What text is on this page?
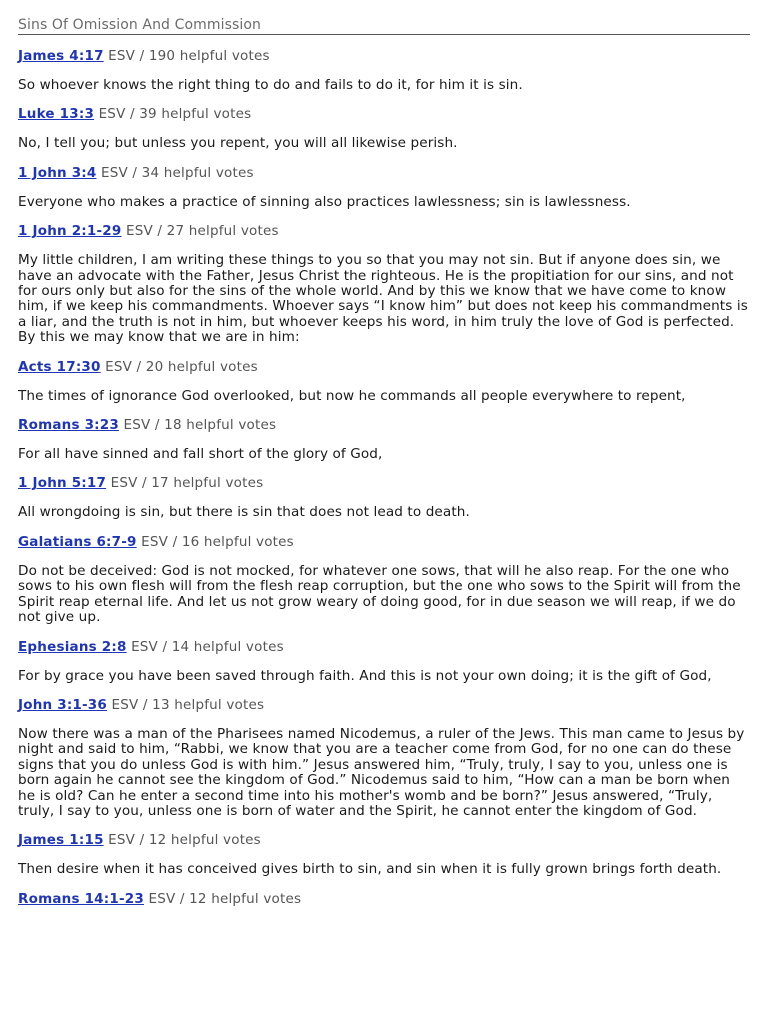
Sins Of Omission And Commission
James 4:17 ESV / 190 helpful votes
So whoever knows the right thing to do and fails to do it, for him it is sin.
Luke 13:3 ESV / 39 helpful votes
No, I tell you; but unless you repent, you will all likewise perish.
1 John 3:4 ESV / 34 helpful votes
Everyone who makes a practice of sinning also practices lawlessness; sin is lawlessness.
1 John 2:1-29 ESV / 27 helpful votes
My little children, I am writing these things to you so that you may not sin. But if anyone does sin, we have an advocate with the Father, Jesus Christ the righteous. He is the propitiation for our sins, and not for ours only but also for the sins of the whole world. And by this we know that we have come to know him, if we keep his commandments. Whoever says “I know him” but does not keep his commandments is a liar, and the truth is not in him, but whoever keeps his word, in him truly the love of God is perfected. By this we may know that we are in him:
Acts 17:30 ESV / 20 helpful votes
The times of ignorance God overlooked, but now he commands all people everywhere to repent,
Romans 3:23 ESV / 18 helpful votes
For all have sinned and fall short of the glory of God,
1 John 5:17 ESV / 17 helpful votes
All wrongdoing is sin, but there is sin that does not lead to death.
Galatians 6:7-9 ESV / 16 helpful votes
Do not be deceived: God is not mocked, for whatever one sows, that will he also reap. For the one who sows to his own flesh will from the flesh reap corruption, but the one who sows to the Spirit will from the Spirit reap eternal life. And let us not grow weary of doing good, for in due season we will reap, if we do not give up.
Ephesians 2:8 ESV / 14 helpful votes
For by grace you have been saved through faith. And this is not your own doing; it is the gift of God,
John 3:1-36 ESV / 13 helpful votes
Now there was a man of the Pharisees named Nicodemus, a ruler of the Jews. This man came to Jesus by night and said to him, “Rabbi, we know that you are a teacher come from God, for no one can do these signs that you do unless God is with him.” Jesus answered him, “Truly, truly, I say to you, unless one is born again he cannot see the kingdom of God.” Nicodemus said to him, “How can a man be born when he is old? Can he enter a second time into his mother's womb and be born?” Jesus answered, “Truly, truly, I say to you, unless one is born of water and the Spirit, he cannot enter the kingdom of God.
James 1:15 ESV / 12 helpful votes
Then desire when it has conceived gives birth to sin, and sin when it is fully grown brings forth death.
Romans 14:1-23 ESV / 12 helpful votes
